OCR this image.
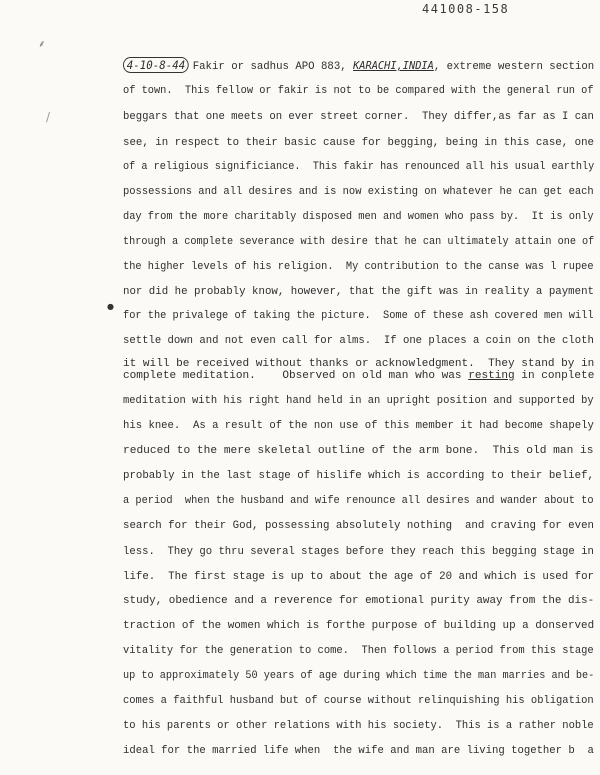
441008-158
⸙
/
●
4-10-8-44 Fakir or sadhus APO 883, KARACHI,INDIA, extreme western section
of town.  This fellow or fakir is not to be compared with the general run of
beggars that one meets on ever street corner.  They differ,as far as I can
see, in respect to their basic cause for begging, being in this case, one
of a religious significiance.  This fakir has renounced all his usual earthly
possessions and all desires and is now existing on whatever he can get each
day from the more charitably disposed men and women who pass by.  It is only
through a complete severance with desire that he can ultimately attain one of
the higher levels of his religion.  My contribution to the canse was l rupee
nor did he probably know, however, that the gift was in reality a payment
for the privalege of taking the picture.  Some of these ash covered men will
settle down and not even call for alms.  If one places a coin on the cloth
it will be received without thanks or acknowledgment.  They stand by in
complete meditation.    Observed on old man who was resting in conplete
meditation with his right hand held in an upright position and supported by
his knee.  As a result of the non use of this member it had become shapely
reduced to the mere skeletal outline of the arm bone.  This old man is
probably in the last stage of hislife which is according to their belief,
a period  when the husband and wife renounce all desires and wander about to
search for their God, possessing absolutely nothing  and craving for even
less.  They go thru several stages before they reach this begging stage in
life.  The first stage is up to about the age of 20 and which is used for
study, obedience and a reverence for emotional purity away from the dis-
traction of the women which is forthe purpose of building up a donserved
vitality for the generation to come.  Then follows a period from this stage
up to approximately 50 years of age during which time the man marries and be-
comes a faithful husband but of course without relinquishing his obligation
to his parents or other relations with his society.  This is a rather noble
ideal for the married life when  the wife and man are living together b  a
